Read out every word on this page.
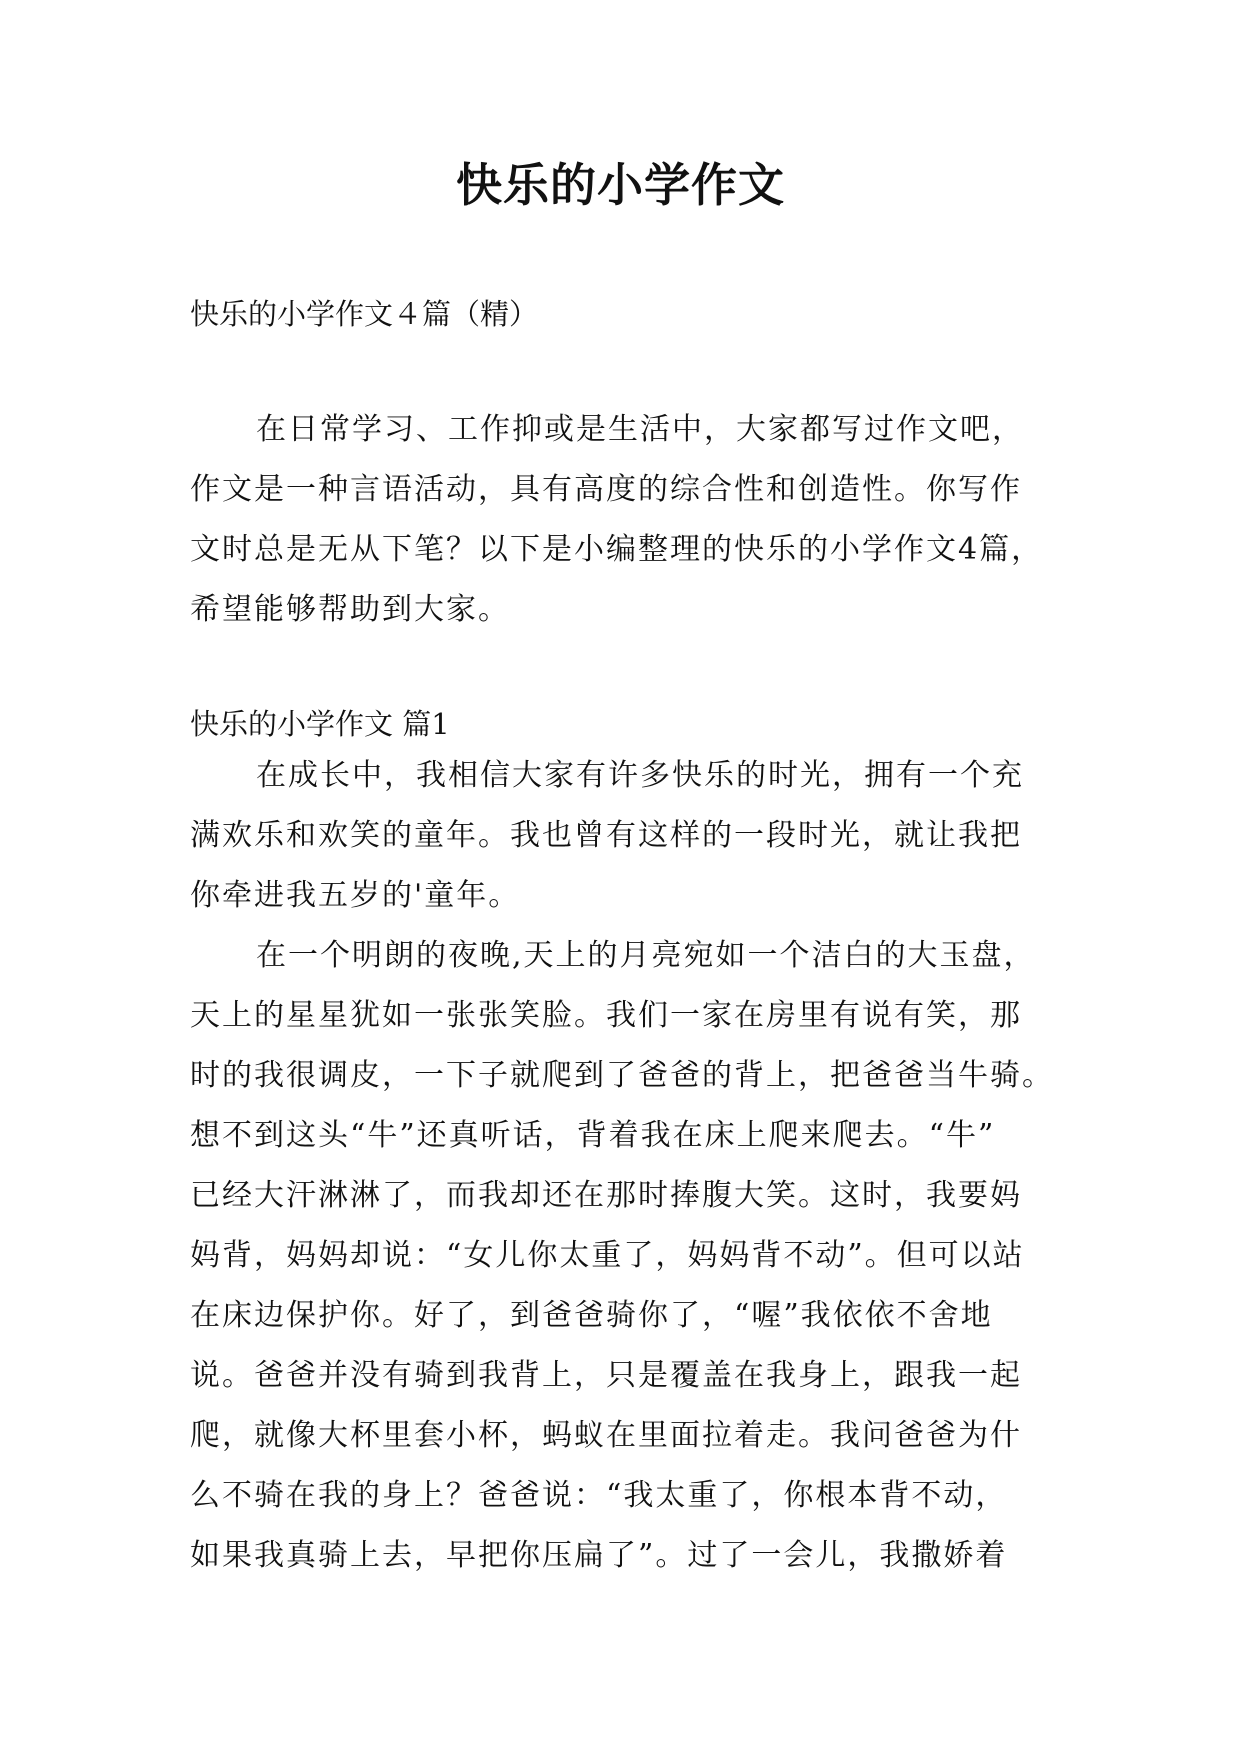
快乐的小学作文

快乐的小学作文４篇（精）

在日常学习、工作抑或是生活中，大家都写过作文吧，
作文是一种言语活动，具有高度的综合性和创造性。你写作
文时总是无从下笔？以下是小编整理的快乐的小学作文4篇，
希望能够帮助到大家。

快乐的小学作文 篇1

在成长中，我相信大家有许多快乐的时光，拥有一个充
满欢乐和欢笑的童年。我也曾有这样的一段时光，就让我把
你牵进我五岁的'童年。
在一个明朗的夜晚,天上的月亮宛如一个洁白的大玉盘，
天上的星星犹如一张张笑脸。我们一家在房里有说有笑，那
时的我很调皮，一下子就爬到了爸爸的背上，把爸爸当牛骑。
想不到这头“牛”还真听话，背着我在床上爬来爬去。“牛”
已经大汗淋淋了，而我却还在那时捧腹大笑。这时，我要妈
妈背，妈妈却说：“女儿你太重了，妈妈背不动”。但可以站
在床边保护你。好了，到爸爸骑你了，“喔”我依依不舍地
说。爸爸并没有骑到我背上，只是覆盖在我身上，跟我一起
爬，就像大杯里套小杯，蚂蚁在里面拉着走。我问爸爸为什
么不骑在我的身上？爸爸说：“我太重了，你根本背不动，
如果我真骑上去，早把你压扁了”。过了一会儿，我撒娇着
